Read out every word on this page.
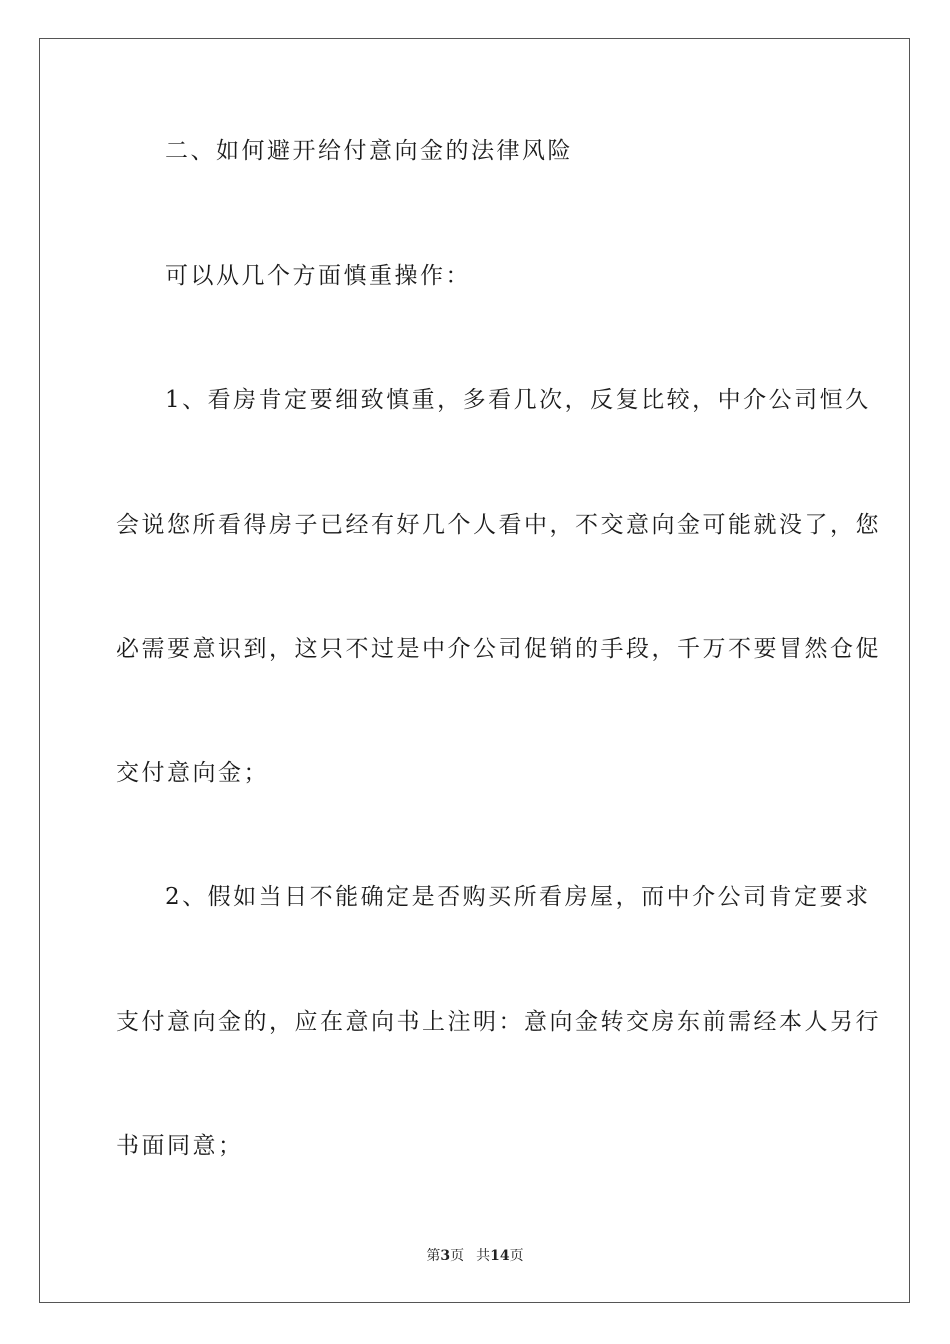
二、如何避开给付意向金的法律风险
可以从几个方面慎重操作：
1、看房肯定要细致慎重，多看几次，反复比较，中介公司恒久
会说您所看得房子已经有好几个人看中，不交意向金可能就没了，您
必需要意识到，这只不过是中介公司促销的手段，千万不要冒然仓促
交付意向金；
2、假如当日不能确定是否购买所看房屋，而中介公司肯定要求
支付意向金的，应在意向书上注明：意向金转交房东前需经本人另行
书面同意；
第3页 共14页
